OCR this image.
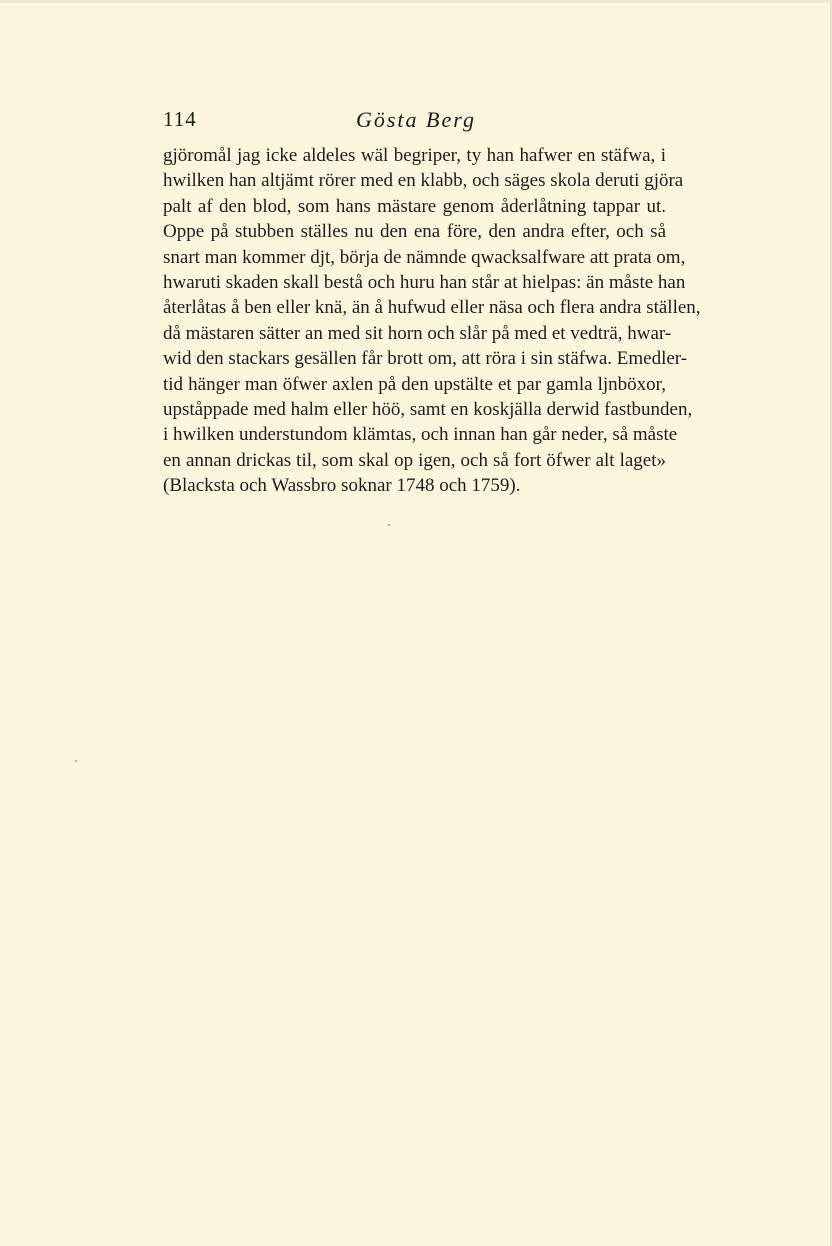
114	Gösta Berg
gjöromål jag icke aldeles wäl begriper, ty han hafwer en stäfwa, i
hwilken han altjämt rörer med en klabb, och säges skola deruti gjöra
palt af den blod, som hans mästare genom åderlåtning tappar ut.
Oppe på stubben ställes nu den ena före, den andra efter, och så
snart man kommer djt, börja de nämnde qwacksalfware att prata om,
hwaruti skaden skall bestå och huru han står at hielpas: än måste han
återlåtas å ben eller knä, än å hufwud eller näsa och flera andra ställen,
då mästaren sätter an med sit horn och slår på med et vedträ, hwar-
wid den stackars gesällen får brott om, att röra i sin stäfwa. Emedler-
tid hänger man öfwer axlen på den upstälte et par gamla ljnböxor,
upståppade med halm eller höö, samt en koskjälla derwid fastbunden,
i hwilken understundom klämtas, och innan han går neder, så måste
en annan drickas til, som skal op igen, och så fort öfwer alt laget»
(Blacksta och Wassbro soknar 1748 och 1759).
